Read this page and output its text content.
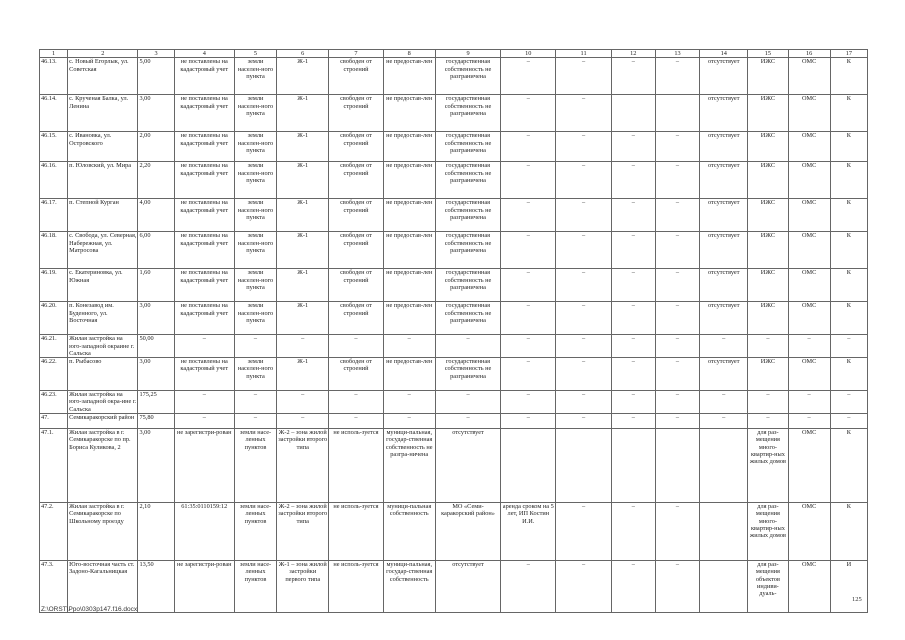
1	2	3	4	5	6	7	8	9	10	11	12	13	14	15	16	17
46.13.	с. Новый Егорлык, ул. Советская	5,00	не поставлены на кадастровый учет	земли населен-ного пункта	Ж-1	свободен от строений	не предостав-лен	государственная собственность не разграничена	–	–	–	–	отсутствует	ИЖС	ОМС	К
46.14.	с. Крученая Балка, ул. Ленина	3,00	не поставлены на кадастровый учет	земли населен-ного пункта	Ж-1	свободен от строений	не предостав-лен	государственная собственность не разграничена	–	–			отсутствует	ИЖС	ОМС	К
46.15.	с. Ивановка, ул. Островского	2,00	не поставлены на кадастровый учет	земли населен-ного пункта	Ж-1	свободен от строений	не предостав-лен	государственная собственность не разграничена	–	–	–	–	отсутствует	ИЖС	ОМС	К
46.16.	п. Юловский, ул. Мира	2,20	не поставлены на кадастровый учет	земли населен-ного пункта	Ж-1	свободен от строений	не предостав-лен	государственная собственность не разграничена	–	–	–	–	отсутствует	ИЖС	ОМС	К
46.17.	п. Степной Курган	4,00	не поставлены на кадастровый учет	земли населен-ного пункта	Ж-1	свободен от строений	не предостав-лен	государственная собственность не разграничена	–	–	–	–	отсутствует	ИЖС	ОМС	К
46.18.	с. Свобода, ул. Северная, Набережная, ул. Матросова	6,00	не поставлены на кадастровый учет	земли населен-ного пункта	Ж-1	свободен от строений	не предостав-лен	государственная собственность не разграничена	–	–	–	–	отсутствует	ИЖС	ОМС	К
46.19.	с. Екатериновка, ул. Южная	1,60	не поставлены на кадастровый учет	земли населен-ного пункта	Ж-1	свободен от строений	не предостав-лен	государственная собственность не разграничена	–	–	–	–	отсутствует	ИЖС	ОМС	К
46.20.	п. Конезавод им. Буденного, ул. Восточная	3,00	не поставлены на кадастровый учет	земли населен-ного пункта	Ж-1	свободен от строений	не предостав-лен	государственная собственность не разграничена	–	–	–	–	отсутствует	ИЖС	ОМС	К
46.21.	Жилая застройка на юго-западной окраине г. Сальска	50,00	–	–	–	–	–	–	–	–	–	–	–	–	–	–
46.22.	п. Рыбасово	3,00	не поставлены на кадастровый учет	земли населен-ного пункта	Ж-1	свободен от строений	не предостав-лен	государственная собственность не разграничена	–	–	–	–	отсутствует	ИЖС	ОМС	К
46.23.	Жилая застройка на юго-западной окра-ине г. Сальска	175,25	–	–	–	–	–	–	–	–	–	–	–	–	–	–
47.	Семикаракорский район	75,80	–	–	–	–	–	–	–	–	–	–	–	–	–	–
47.1.	Жилая застройка в г. Семикаракорске по пр. Бориса Куликова, 2	3,00	не зарегистри-рован	земли насе-ленных пунктов	Ж-2 – зона жилой застройки второго типа	не исполь-зуется	муници-пальная, государ-ственная собственность не разгра-ничена	отсутствует						для раз-мещения много-квартир-ных жилых домов	ОМС	К
47.2.	Жилая застройка в г. Семикаракорске по Школьному проезду	2,10	61:35:0110159:12	земли насе-ленных пунктов	Ж-2 – зона жилой застройки второго типа	не исполь-зуется	муници-пальная собственность	МО «Семи-каракорский район»	аренда сроком на 5 лет, ИП Костин И.И.	–	–	–		для раз-мещения много-квартир-ных жилых домов	ОМС	К
47.3.	Юго-восточная часть ст. Задоно-Кагальницкая	13,50	не зарегистри-рован	земли насе-ленных пунктов	Ж-1 – зона жилой застройки первого типа	не исполь-зуется	муници-пальная, государ-ственная собственность	отсутствует	–	–	–	–		для раз-мещения объектов индиви-дуаль-	ОМС	И
125
Z:\ORST\Ppo\0303p147.f16.docx
